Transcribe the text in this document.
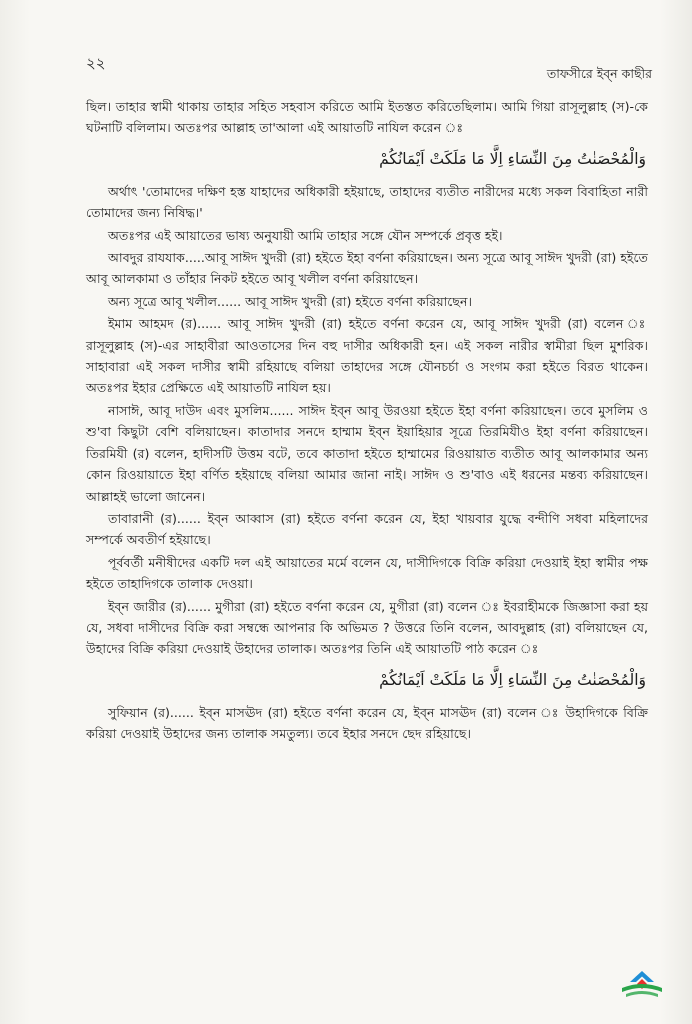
২২
তাফসীরে ইব্‌ন কাছীর

ছিল। তাহার স্বামী থাকায় তাহার সহিত সহবাস করিতে আমি ইতস্তত করিতেছিলাম। আমি গিয়া রাসূলুল্লাহ (স)-কে ঘটনাটি বলিলাম। অতঃপর আল্লাহ তা'আলা এই আয়াতটি নাযিল করেন ঃ

وَالْمُحْصَنٰتُ مِنَ النِّسَاءِ اِلَّا مَا مَلَكَتْ اَيْمَانُكُمْ

অর্থাৎ 'তোমাদের দক্ষিণ হস্ত যাহাদের অধিকারী হইয়াছে, তাহাদের ব্যতীত নারীদের মধ্যে সকল বিবাহিতা নারী তোমাদের জন্য নিষিদ্ধ।'

অতঃপর এই আয়াতের ভাষ্য অনুযায়ী আমি তাহার সঙ্গে যৌন সম্পর্কে প্রবৃত্ত হই।

আবদুর রাযযাক.....আবূ সাঈদ খুদরী (রা) হইতে ইহা বর্ণনা করিয়াছেন। অন্য সূত্রে আবূ সাঈদ খুদরী (রা) হইতে আবূ আলকামা ও তাঁহার নিকট হইতে আবূ খলীল বর্ণনা করিয়াছেন।

অন্য সূত্রে আবূ খলীল...... আবূ সাঈদ খুদরী (রা) হইতে বর্ণনা করিয়াছেন।

ইমাম আহমদ (র)...... আবূ সাঈদ খুদরী (রা) হইতে বর্ণনা করেন যে, আবূ সাঈদ খুদরী (রা) বলেন ঃ রাসূলুল্লাহ (স)-এর সাহাবীরা আওতাসের দিন বহু দাসীর অধিকারী হন। এই সকল নারীর স্বামীরা ছিল মুশরিক। সাহাবারা এই সকল দাসীর স্বামী রহিয়াছে বলিয়া তাহাদের সঙ্গে যৌনচর্চা ও সংগম করা হইতে বিরত থাকেন। অতঃপর ইহার প্রেক্ষিতে এই আয়াতটি নাযিল হয়।

নাসাঈ, আবূ দাউদ এবং মুসলিম...... সাঈদ ইব্‌ন আবূ উরওয়া হইতে ইহা বর্ণনা করিয়াছেন। তবে মুসলিম ও শু'বা কিছুটা বেশি বলিয়াছেন। কাতাদার সনদে হাম্মাম ইব্‌ন ইয়াহিয়ার সূত্রে তিরমিযীও ইহা বর্ণনা করিয়াছেন। তিরমিযী (র) বলেন, হাদীসটি উত্তম বটে, তবে কাতাদা হইতে হাম্মামের রিওয়ায়াত ব্যতীত আবূ আলকামার অন্য কোন রিওয়ায়াতে ইহা বর্ণিত হইয়াছে বলিয়া আমার জানা নাই। সাঈদ ও শু'বাও এই ধরনের মন্তব্য করিয়াছেন। আল্লাহই ভালো জানেন।

তাবারানী (র)...... ইব্‌ন আব্বাস (রা) হইতে বর্ণনা করেন যে, ইহা খায়বার যুদ্ধে বন্দীণি সধবা মহিলাদের সম্পর্কে অবতীর্ণ হইয়াছে।

পূর্ববর্তী মনীষীদের একটি দল এই আয়াতের মর্মে বলেন যে, দাসীদিগকে বিক্রি করিয়া দেওয়াই ইহা স্বামীর পক্ষ হইতে তাহাদিগকে তালাক দেওয়া।

ইব্‌ন জারীর (র)...... মুগীরা (রা) হইতে বর্ণনা করেন যে, মুগীরা (রা) বলেন ঃ ইবরাহীমকে জিজ্ঞাসা করা হয় যে, সধবা দাসীদের বিক্রি করা সম্বন্ধে আপনার কি অভিমত ? উত্তরে তিনি বলেন, আবদুল্লাহ (রা) বলিয়াছেন যে, উহাদের বিক্রি করিয়া দেওয়াই উহাদের তালাক। অতঃপর তিনি এই আয়াতটি পাঠ করেন ঃ

وَالْمُحْصَنٰتُ مِنَ النِّسَاءِ اِلَّا مَا مَلَكَتْ اَيْمَانُكُمْ

সুফিয়ান (র)...... ইব্‌ন মাসঊদ (রা) হইতে বর্ণনা করেন যে, ইব্‌ন মাসঊদ (রা) বলেন ঃ উহাদিগকে বিক্রি করিয়া দেওয়াই উহাদের জন্য তালাক সমতুল্য। তবে ইহার সনদে ছেদ রহিয়াছে।
